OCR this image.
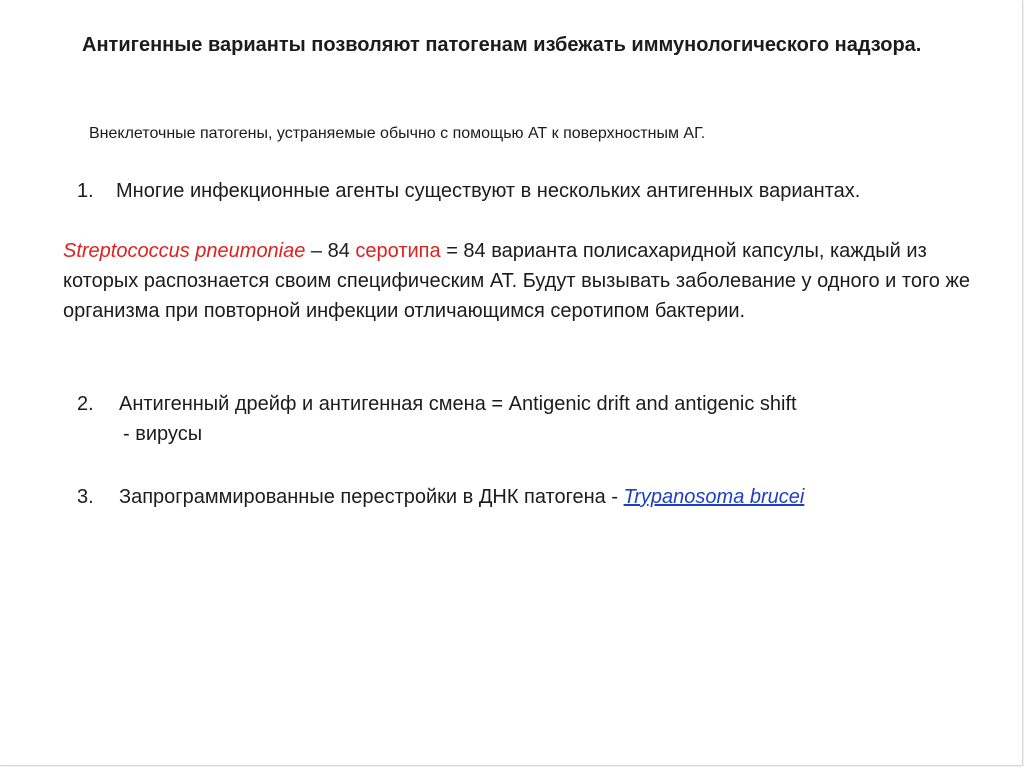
Антигенные варианты позволяют патогенам избежать иммунологического надзора.
Внеклеточные патогены, устраняемые обычно с помощью АТ к поверхностным АГ.
1. Многие инфекционные агенты существуют в нескольких антигенных вариантах.
Streptococcus pneumoniae – 84 серотипа = 84 варианта полисахаридной капсулы, каждый из которых распознается своим специфическим АТ. Будут вызывать заболевание у одного и того же организма при повторной инфекции отличающимся серотипом бактерии.
2. Антигенный дрейф и антигенная смена = Antigenic drift and antigenic shift
- вирусы
3. Запрограммированные перестройки в ДНК патогена - Trypanosoma brucei
